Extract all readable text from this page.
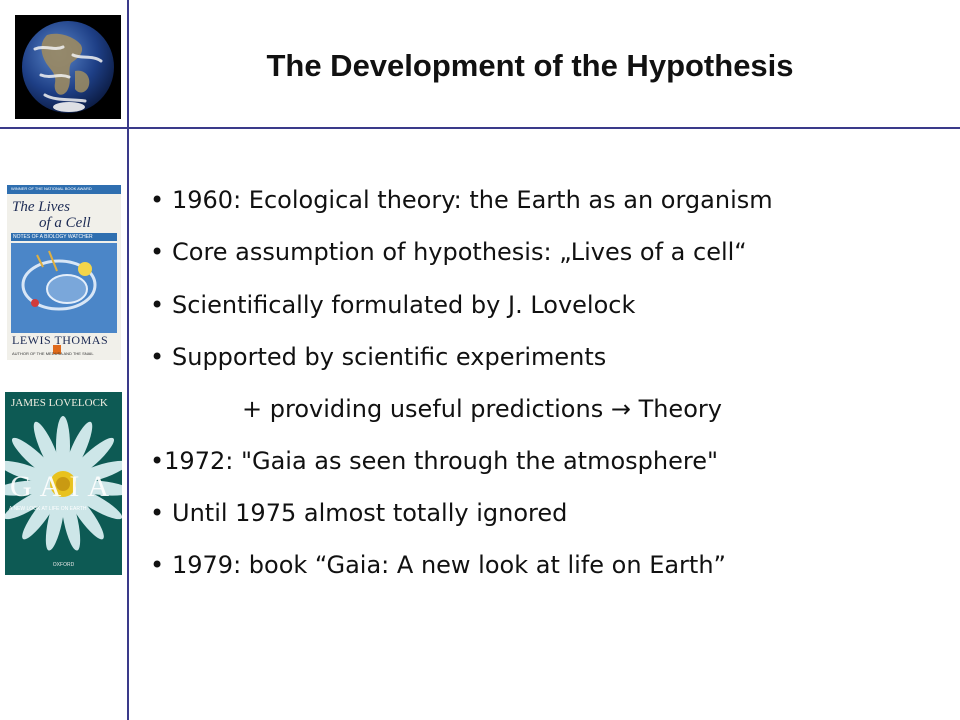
The Development of the Hypothesis
WINNER OF THE NATIONAL BOOK AWARD
The Lives
of a Cell
NOTES OF A BIOLOGY WATCHER
LEWIS THOMAS
AUTHOR OF THE MEDUSA AND THE SNAIL
JAMES LOVELOCK
GAIA
A NEW LOOK AT LIFE ON EARTH
OXFORD
• 1960: Ecological theory: the Earth as an organism
• Core assumption of hypothesis: „Lives of a cell“
• Scientifically formulated by J. Lovelock
• Supported by scientific experiments
+ providing useful predictions → Theory
•1972: "Gaia as seen through the atmosphere"
• Until 1975 almost totally ignored
• 1979: book “Gaia: A new look at life on Earth”
